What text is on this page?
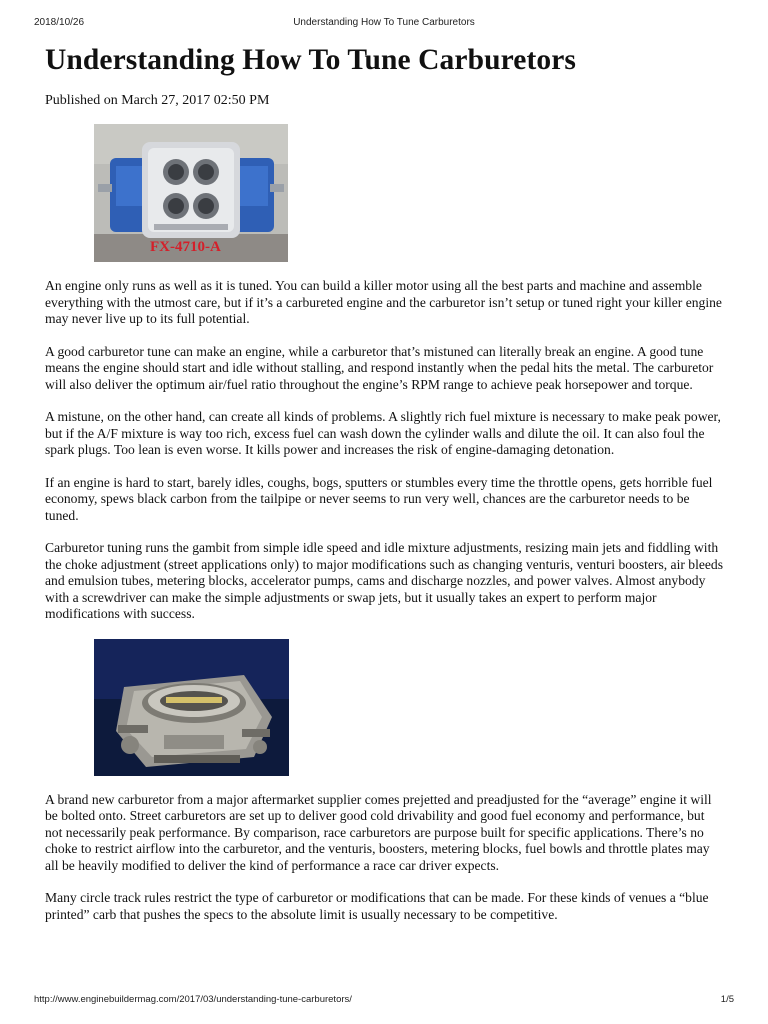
2018/10/26	Understanding How To Tune Carburetors
Understanding How To Tune Carburetors
Published on March 27, 2017 02:50 PM
FX-4710-A

An engine only runs as well as it is tuned. You can build a killer motor using all the best parts and machine and assemble everything with the utmost care, but if it’s a carbureted engine and the carburetor isn’t setup or tuned right your killer engine may never live up to its full potential.

A good carburetor tune can make an engine, while a carburetor that’s mistuned can literally break an engine. A good tune means the engine should start and idle without stalling, and respond instantly when the pedal hits the metal. The carburetor will also deliver the optimum air/fuel ratio throughout the engine’s RPM range to achieve peak horsepower and torque.

A mistune, on the other hand, can create all kinds of problems. A slightly rich fuel mixture is necessary to make peak power, but if the A/F mixture is way too rich, excess fuel can wash down the cylinder walls and dilute the oil. It can also foul the spark plugs. Too lean is even worse. It kills power and increases the risk of engine-damaging detonation.

If an engine is hard to start, barely idles, coughs, bogs, sputters or stumbles every time the throttle opens, gets horrible fuel economy, spews black carbon from the tailpipe or never seems to run very well, chances are the carburetor needs to be tuned.

Carburetor tuning runs the gambit from simple idle speed and idle mixture adjustments, resizing main jets and fiddling with the choke adjustment (street applications only) to major modifications such as changing venturis, venturi boosters, air bleeds and emulsion tubes, metering blocks, accelerator pumps, cams and discharge nozzles, and power valves. Almost anybody with a screwdriver can make the simple adjustments or swap jets, but it usually takes an expert to perform major modifications with success.

A brand new carburetor from a major aftermarket supplier comes prejetted and preadjusted for the “average” engine it will be bolted onto. Street carburetors are set up to deliver good cold drivability and good fuel economy and performance, but not necessarily peak performance. By comparison, race carburetors are purpose built for specific applications. There’s no choke to restrict airflow into the carburetor, and the venturis, boosters, metering blocks, fuel bowls and throttle plates may all be heavily modified to deliver the kind of performance a race car driver expects.

Many circle track rules restrict the type of carburetor or modifications that can be made. For these kinds of venues a “blue printed” carb that pushes the specs to the absolute limit is usually necessary to be competitive.

http://www.enginebuildermag.com/2017/03/understanding-tune-carburetors/	1/5
